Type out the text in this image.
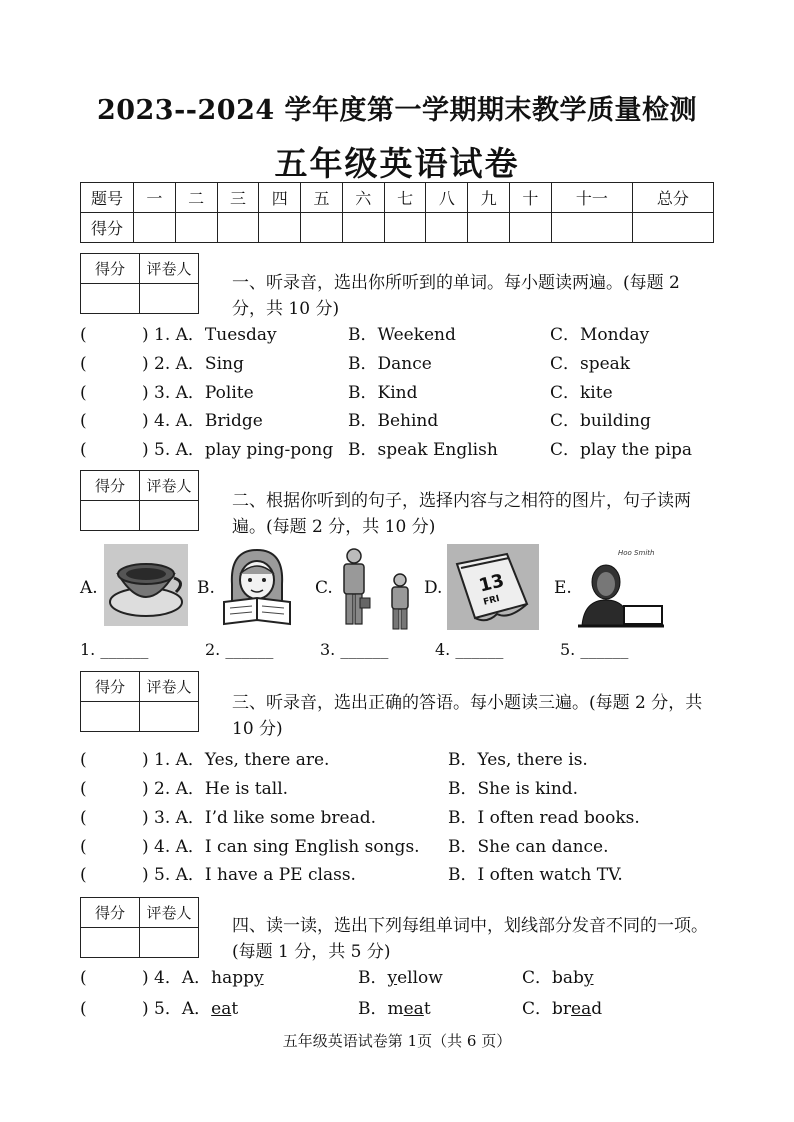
2023--2024 学年度第一学期期末教学质量检测
五年级英语试卷
题号	一	二	三	四	五	六	七	八	九	十	十一	总分
得分												
得分	评卷人

一、听录音，选出你所听到的单词。每小题读两遍。(每题 2 分，共 10 分)
(	) 1. A．Tuesday	B．Weekend	C．Monday
(	) 2. A．Sing	B．Dance	C．speak
(	) 3. A．Polite	B．Kind	C．kite
(	) 4. A．Bridge	B．Behind	C．building
(	) 5. A．play ping-pong B．speak English	C．play the pipa
得分	评卷人

二、根据你听到的句子，选择内容与之相符的图片，句子读两遍。(每题 2 分，共 10 分)
A.	B.	C.	D. 13
FRI
E.
Hoo Smith
1. ______	2. ______	3. ______	4. ______	5. ______
得分	评卷人

三、听录音，选出正确的答语。每小题读三遍。(每题 2 分，共 10 分)
(	) 1. A．Yes, there are.	B．Yes, there is.
(	) 2. A．He is tall.	B．She is kind.
(	) 3. A．I’d like some bread.	B．I often read books.
(	) 4. A．I can sing English songs. B．She can dance.
(	) 5. A．I have a PE class.	B．I often watch TV.
得分	评卷人

四、读一读，选出下列每组单词中，划线部分发音不同的一项。(每题 1 分，共 5 分)
(	) 4．A．happy	B．yellow	C．baby
(	) 5．A．eat	B．meat	C．bread
五年级英语试卷第 1页（共 6 页）
